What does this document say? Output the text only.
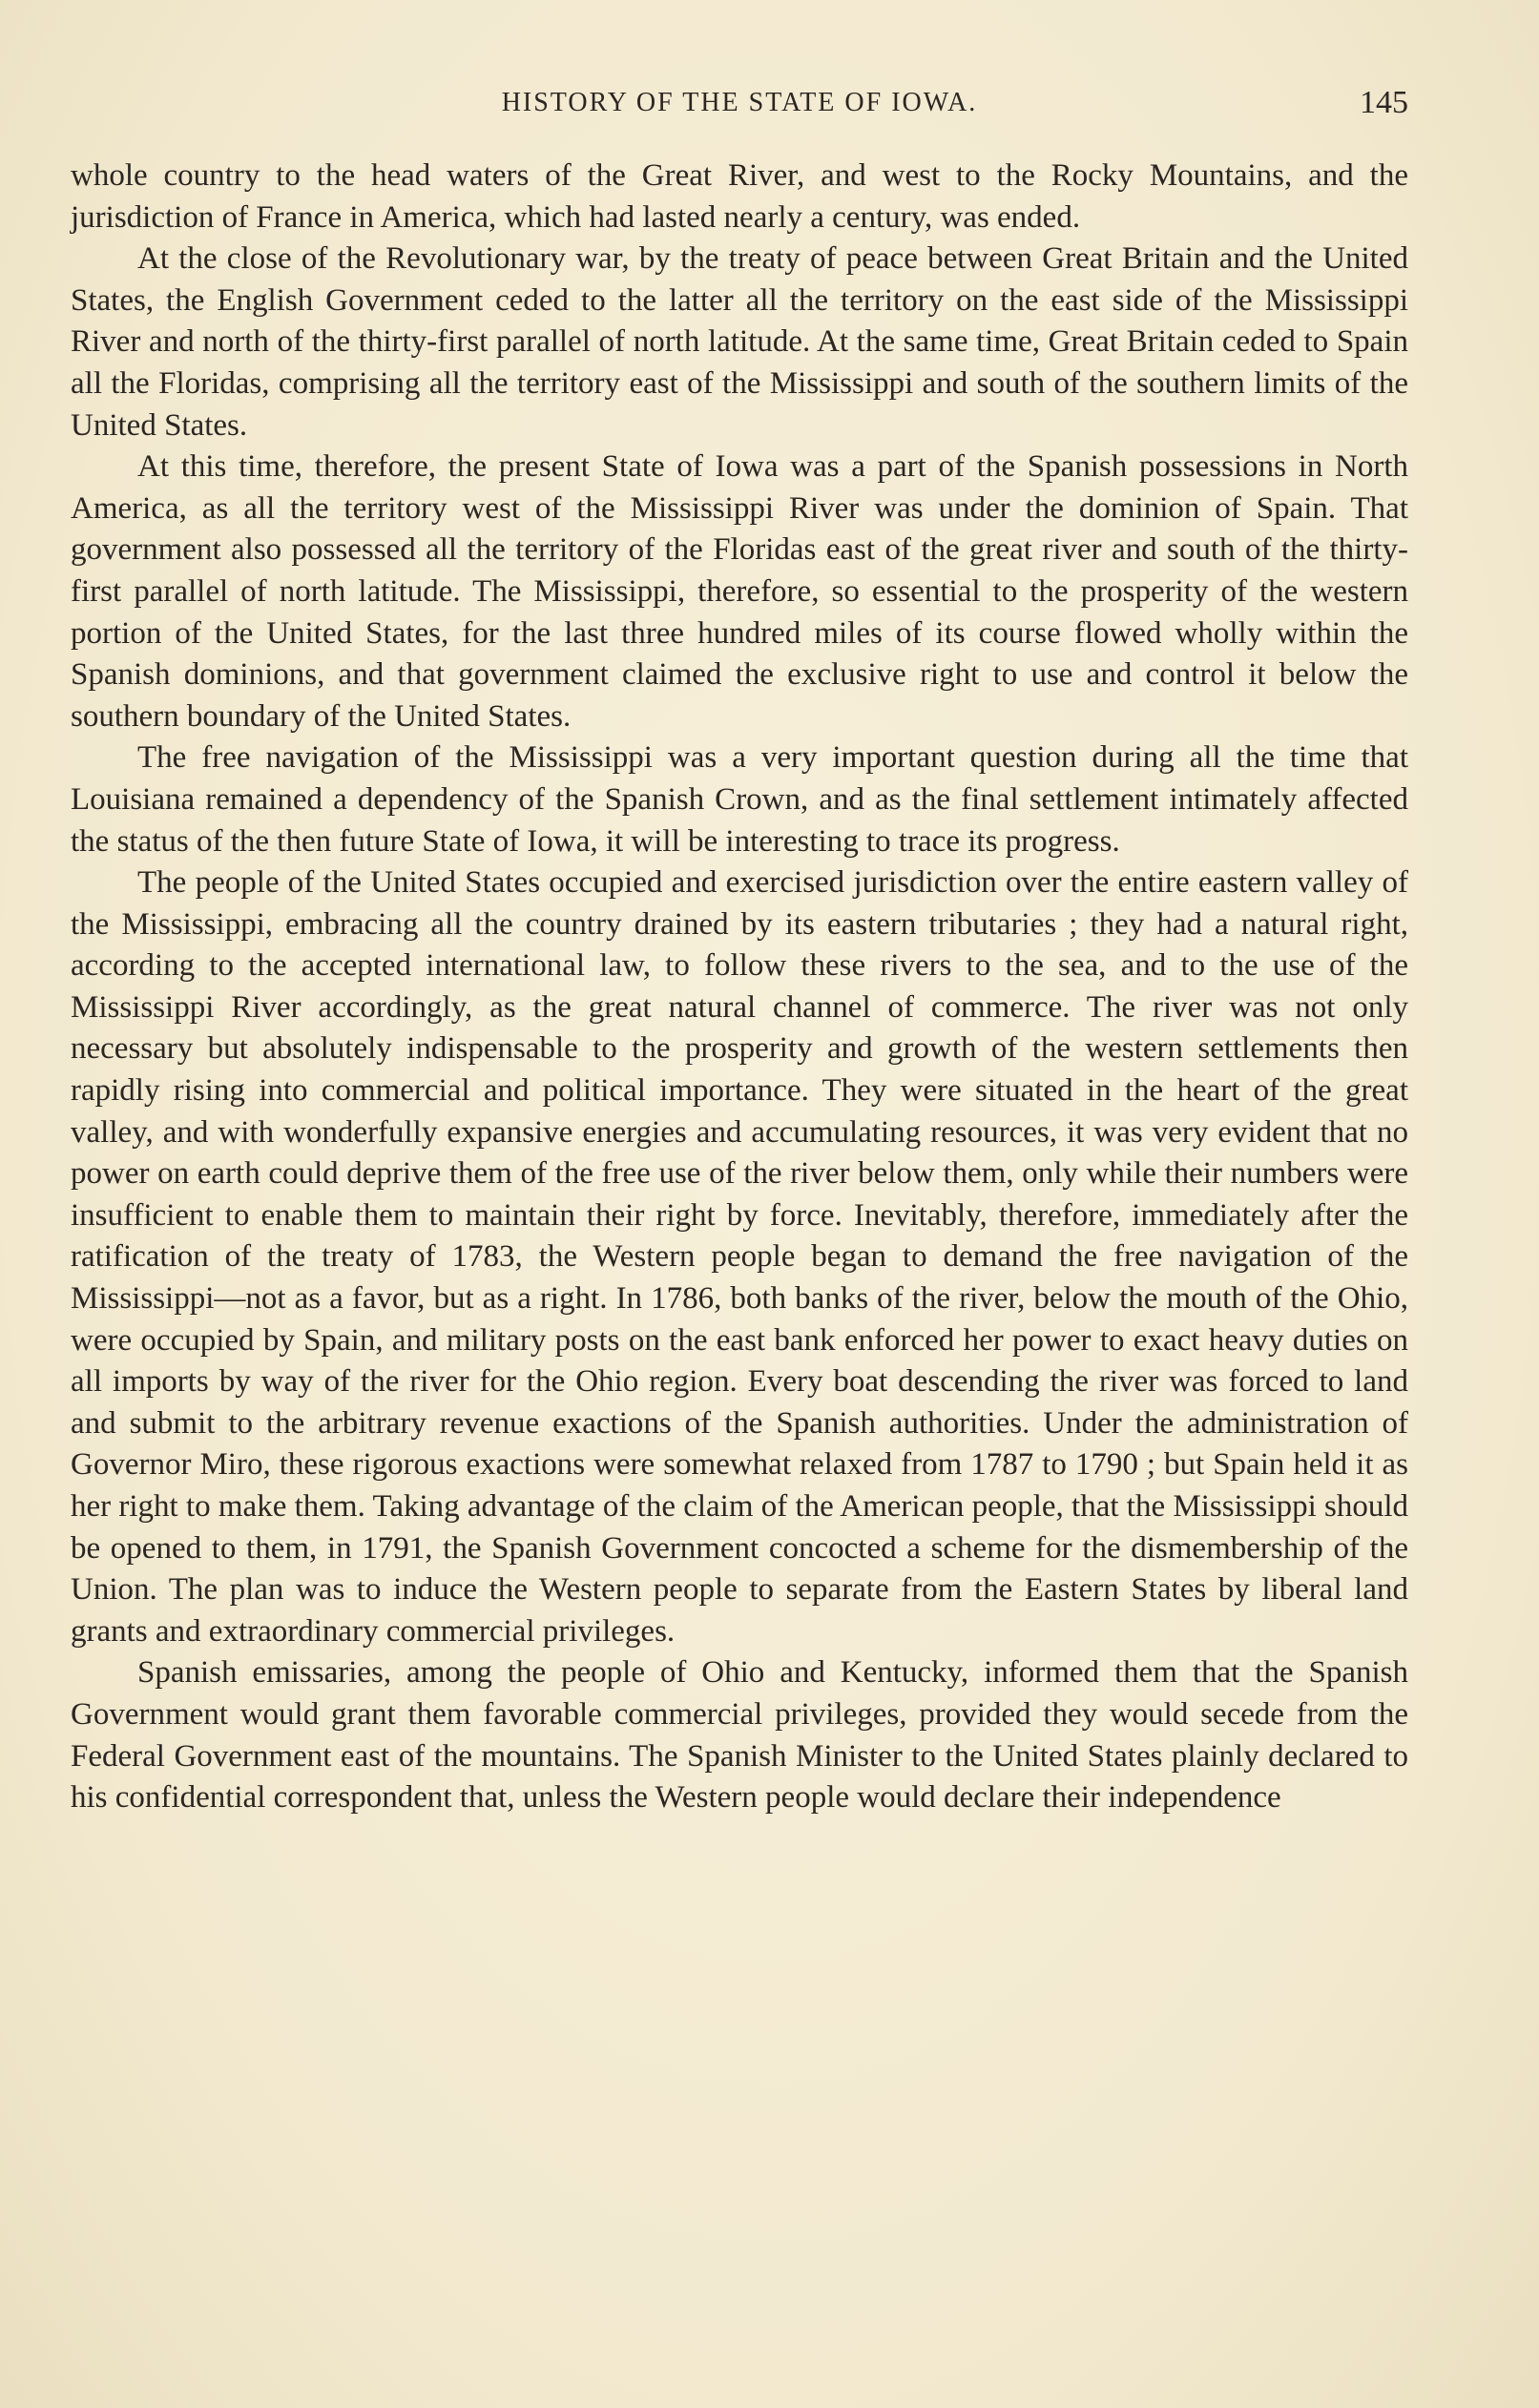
HISTORY OF THE STATE OF IOWA.	145

whole country to the head waters of the Great River, and west to the Rocky Mountains, and the jurisdiction of France in America, which had lasted nearly a century, was ended.

At the close of the Revolutionary war, by the treaty of peace between Great Britain and the United States, the English Government ceded to the latter all the territory on the east side of the Mississippi River and north of the thirty-first parallel of north latitude. At the same time, Great Britain ceded to Spain all the Floridas, comprising all the territory east of the Mississippi and south of the southern limits of the United States.

At this time, therefore, the present State of Iowa was a part of the Spanish possessions in North America, as all the territory west of the Mississippi River was under the dominion of Spain. That government also possessed all the territory of the Floridas east of the great river and south of the thirty-first parallel of north latitude. The Mississippi, therefore, so essential to the prosperity of the western portion of the United States, for the last three hundred miles of its course flowed wholly within the Spanish dominions, and that government claimed the exclusive right to use and control it below the southern boundary of the United States.

The free navigation of the Mississippi was a very important question during all the time that Louisiana remained a dependency of the Spanish Crown, and as the final settlement intimately affected the status of the then future State of Iowa, it will be interesting to trace its progress.

The people of the United States occupied and exercised jurisdiction over the entire eastern valley of the Mississippi, embracing all the country drained by its eastern tributaries ; they had a natural right, according to the accepted international law, to follow these rivers to the sea, and to the use of the Mississippi River accordingly, as the great natural channel of commerce. The river was not only necessary but absolutely indispensable to the prosperity and growth of the western settlements then rapidly rising into commercial and political importance. They were situated in the heart of the great valley, and with wonderfully expansive energies and accumulating resources, it was very evident that no power on earth could deprive them of the free use of the river below them, only while their numbers were insufficient to enable them to maintain their right by force. Inevitably, therefore, immediately after the ratification of the treaty of 1783, the Western people began to demand the free navigation of the Mississippi—not as a favor, but as a right. In 1786, both banks of the river, below the mouth of the Ohio, were occupied by Spain, and military posts on the east bank enforced her power to exact heavy duties on all imports by way of the river for the Ohio region. Every boat descending the river was forced to land and submit to the arbitrary revenue exactions of the Spanish authorities. Under the administration of Governor Miro, these rigorous exactions were somewhat relaxed from 1787 to 1790 ; but Spain held it as her right to make them. Taking advantage of the claim of the American people, that the Mississippi should be opened to them, in 1791, the Spanish Government concocted a scheme for the dismembership of the Union. The plan was to induce the Western people to separate from the Eastern States by liberal land grants and extraordinary commercial privileges.

Spanish emissaries, among the people of Ohio and Kentucky, informed them that the Spanish Government would grant them favorable commercial privileges, provided they would secede from the Federal Government east of the mountains. The Spanish Minister to the United States plainly declared to his confidential correspondent that, unless the Western people would declare their independence
